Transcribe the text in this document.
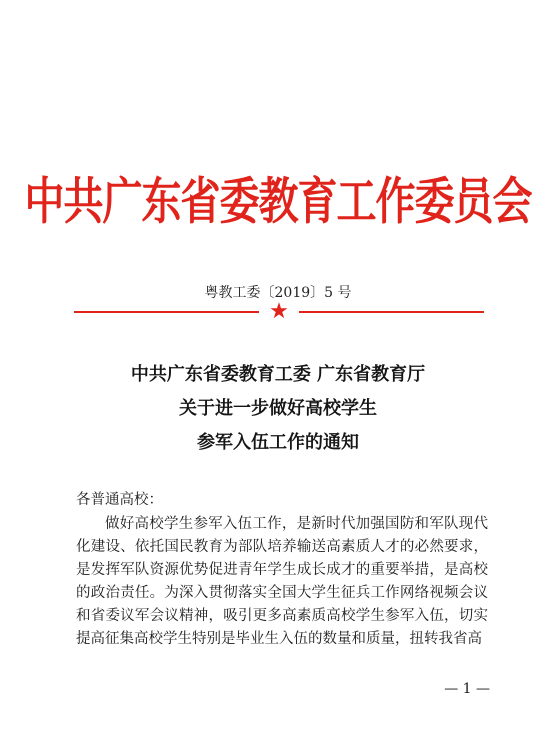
中共广东省委教育工作委员会
粤教工委〔2019〕5 号
★
中共广东省委教育工委 广东省教育厅
关于进一步做好高校学生
参军入伍工作的通知
各普通高校：
做好高校学生参军入伍工作，是新时代加强国防和军队现代化建设、依托国民教育为部队培养输送高素质人才的必然要求，是发挥军队资源优势促进青年学生成长成才的重要举措，是高校的政治责任。为深入贯彻落实全国大学生征兵工作网络视频会议和省委议军会议精神，吸引更多高素质高校学生参军入伍，切实提高征集高校学生特别是毕业生入伍的数量和质量，扭转我省高
— 1 —
